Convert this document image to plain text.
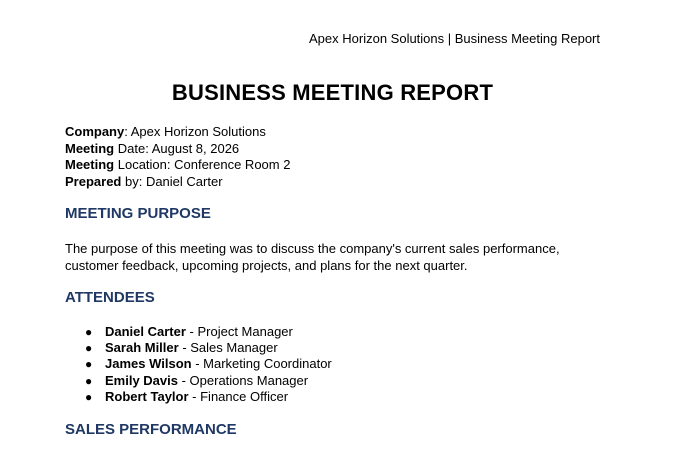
Apex Horizon Solutions | Business Meeting Report
BUSINESS MEETING REPORT
Company: Apex Horizon Solutions
Meeting Date: August 8, 2026
Meeting Location: Conference Room 2
Prepared by: Daniel Carter
MEETING PURPOSE

The purpose of this meeting was to discuss the company's current sales performance, customer feedback, upcoming projects, and plans for the next quarter.

ATTENDEES
● Daniel Carter - Project Manager
● Sarah Miller - Sales Manager
● James Wilson - Marketing Coordinator
● Emily Davis - Operations Manager
● Robert Taylor - Finance Officer
SALES PERFORMANCE
